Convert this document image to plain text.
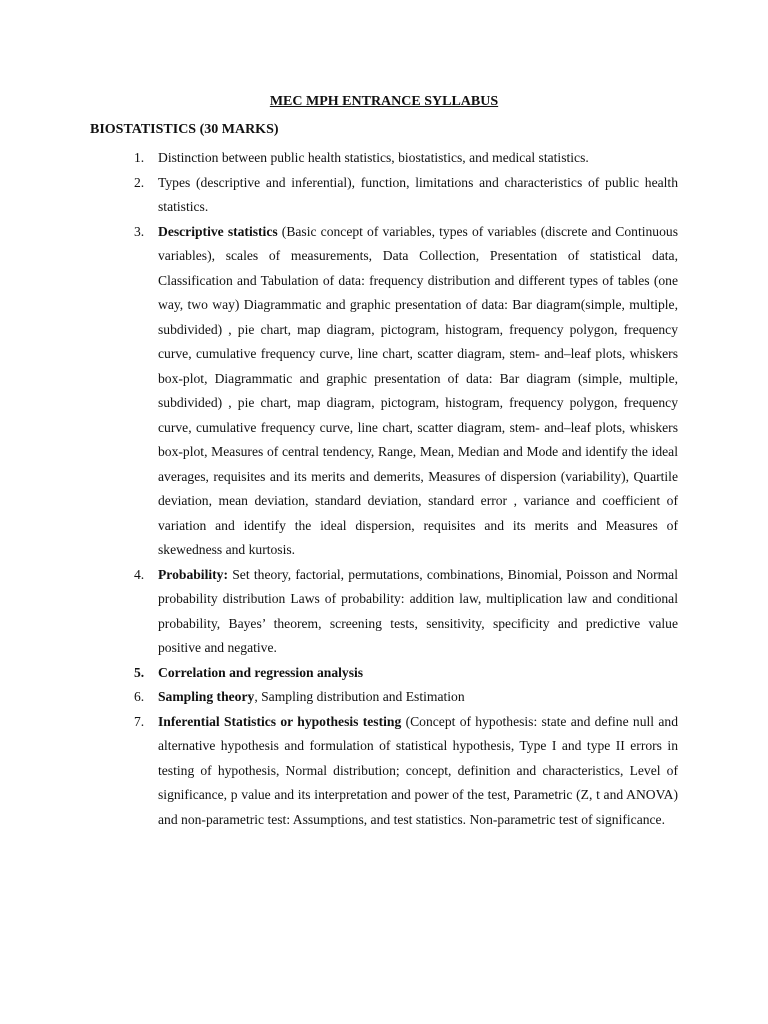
MEC MPH ENTRANCE SYLLABUS
BIOSTATISTICS (30 MARKS)
1. Distinction between public health statistics, biostatistics, and medical statistics.
2. Types (descriptive and inferential), function, limitations and characteristics of public health statistics.
3. Descriptive statistics (Basic concept of variables, types of variables (discrete and Continuous variables), scales of measurements, Data Collection, Presentation of statistical data, Classification and Tabulation of data: frequency distribution and different types of tables (one way, two way) Diagrammatic and graphic presentation of data: Bar diagram(simple, multiple, subdivided) , pie chart, map diagram, pictogram, histogram, frequency polygon, frequency curve, cumulative frequency curve, line chart, scatter diagram, stem- and–leaf plots, whiskers box-plot, Diagrammatic and graphic presentation of data: Bar diagram (simple, multiple, subdivided) , pie chart, map diagram, pictogram, histogram, frequency polygon, frequency curve, cumulative frequency curve, line chart, scatter diagram, stem- and–leaf plots, whiskers box-plot, Measures of central tendency, Range, Mean, Median and Mode and identify the ideal averages, requisites and its merits and demerits, Measures of dispersion (variability), Quartile deviation, mean deviation, standard deviation, standard error , variance and coefficient of variation and identify the ideal dispersion, requisites and its merits and Measures of skewedness and kurtosis.
4. Probability: Set theory, factorial, permutations, combinations, Binomial, Poisson and Normal probability distribution Laws of probability: addition law, multiplication law and conditional probability, Bayes’ theorem, screening tests, sensitivity, specificity and predictive value positive and negative.
5. Correlation and regression analysis
6. Sampling theory, Sampling distribution and Estimation
7. Inferential Statistics or hypothesis testing (Concept of hypothesis: state and define null and alternative hypothesis and formulation of statistical hypothesis, Type I and type II errors in testing of hypothesis, Normal distribution; concept, definition and characteristics, Level of significance, p value and its interpretation and power of the test, Parametric (Z, t and ANOVA) and non-parametric test: Assumptions, and test statistics. Non-parametric test of significance.
